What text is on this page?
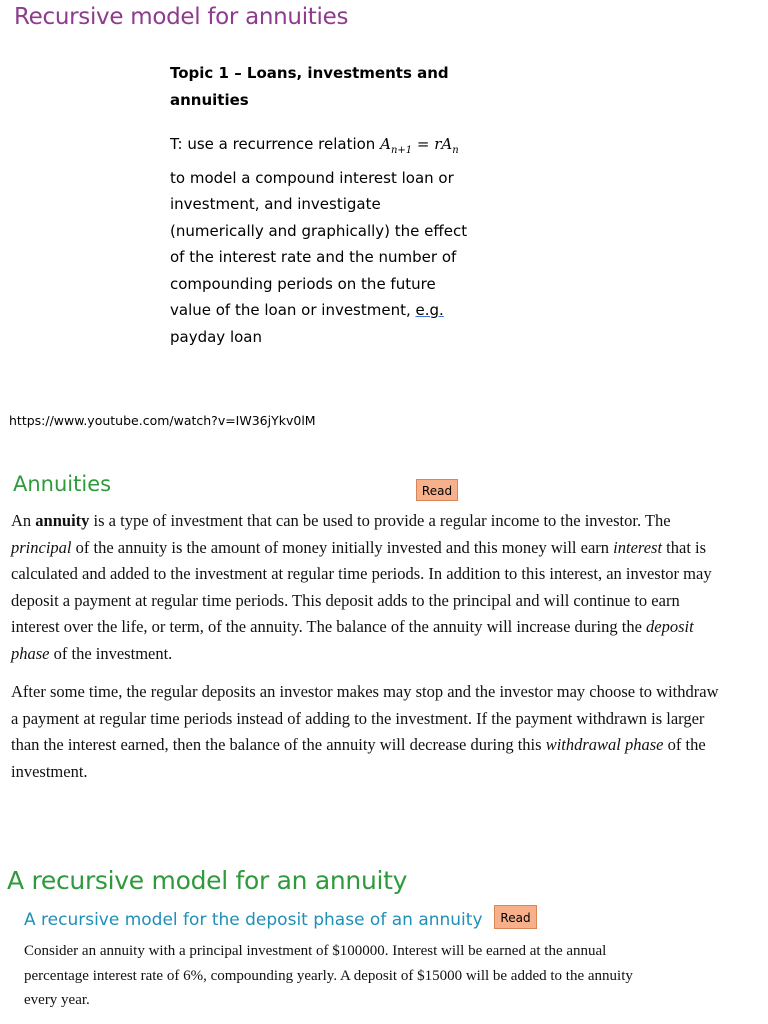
Recursive model for annuities
Topic 1 – Loans, investments and annuities
T: use a recurrence relation $A_{n+1} = rA_n$ to model a compound interest loan or investment, and investigate (numerically and graphically) the effect of the interest rate and the number of compounding periods on the future value of the loan or investment, e.g. payday loan
https://www.youtube.com/watch?v=IW36jYkv0lM
Annuities	Read
An annuity is a type of investment that can be used to provide a regular income to the investor. The principal of the annuity is the amount of money initially invested and this money will earn interest that is calculated and added to the investment at regular time periods. In addition to this interest, an investor may deposit a payment at regular time periods. This deposit adds to the principal and will continue to earn interest over the life, or term, of the annuity. The balance of the annuity will increase during the deposit phase of the investment.
After some time, the regular deposits an investor makes may stop and the investor may choose to withdraw a payment at regular time periods instead of adding to the investment. If the payment withdrawn is larger than the interest earned, then the balance of the annuity will decrease during this withdrawal phase of the investment.
A recursive model for an annuity
A recursive model for the deposit phase of an annuity	Read
Consider an annuity with a principal investment of $100000. Interest will be earned at the annual percentage interest rate of 6%, compounding yearly. A deposit of $15000 will be added to the annuity every year.
